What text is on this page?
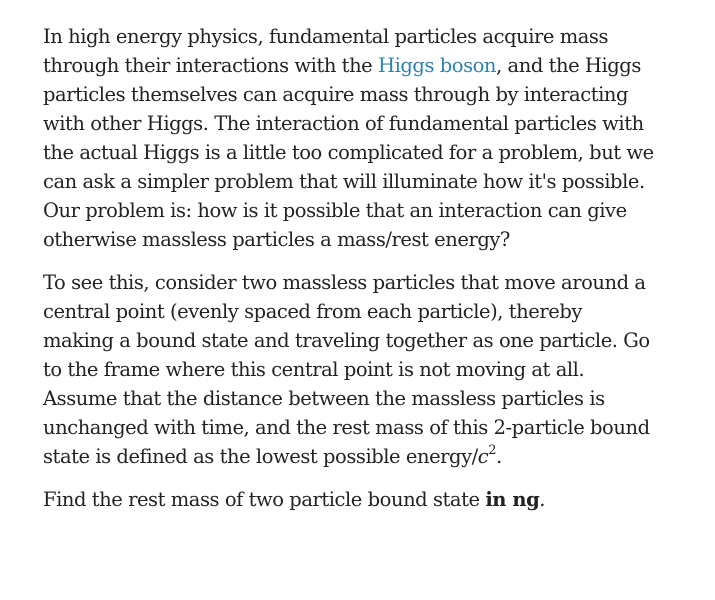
In high energy physics, fundamental particles acquire mass through their interactions with the Higgs boson, and the Higgs particles themselves can acquire mass through by interacting with other Higgs. The interaction of fundamental particles with the actual Higgs is a little too complicated for a problem, but we can ask a simpler problem that will illuminate how it's possible. Our problem is: how is it possible that an interaction can give otherwise massless particles a mass/rest energy?

To see this, consider two massless particles that move around a central point (evenly spaced from each particle), thereby making a bound state and traveling together as one particle. Go to the frame where this central point is not moving at all. Assume that the distance between the massless particles is unchanged with time, and the rest mass of this 2-particle bound state is defined as the lowest possible energy/$c^2$.

Find the rest mass of two particle bound state in ng.
